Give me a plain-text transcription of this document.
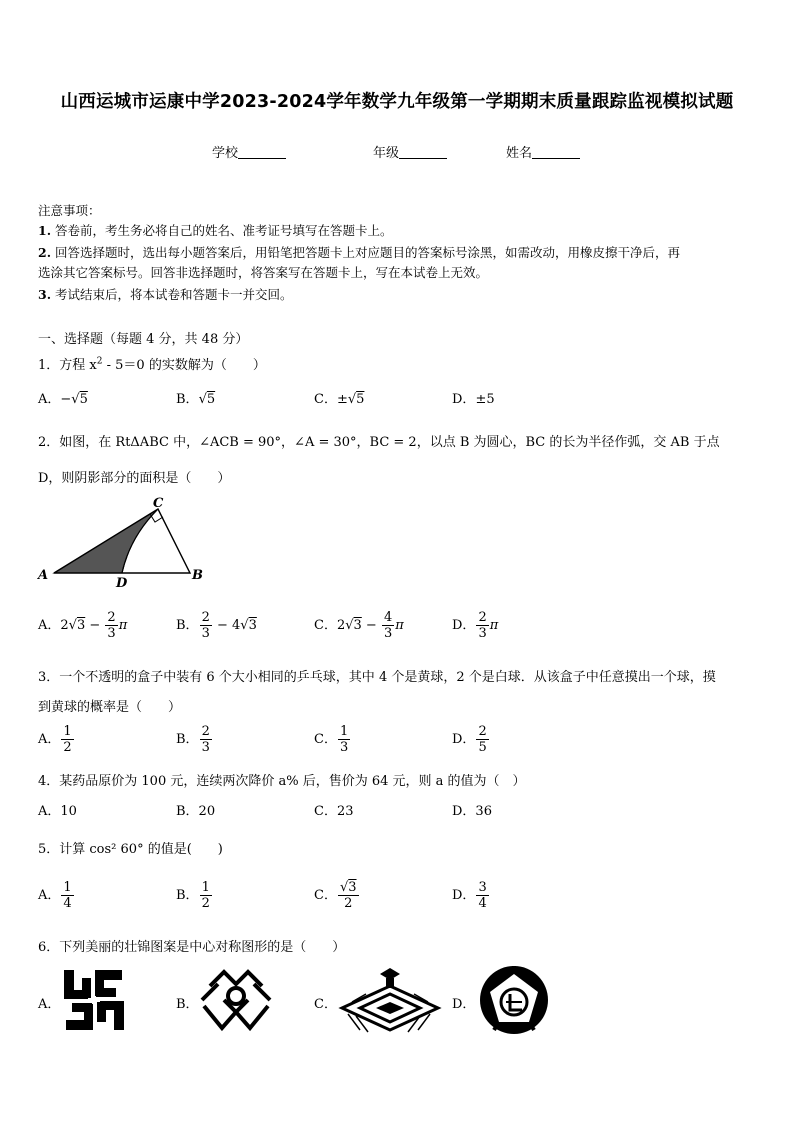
山西运城市运康中学2023-2024学年数学九年级第一学期期末质量跟踪监视模拟试题
学校	年级	姓名
注意事项：
1. 答卷前，考生务必将自己的姓名、准考证号填写在答题卡上。
2. 回答选择题时，选出每小题答案后，用铅笔把答题卡上对应题目的答案标号涂黑，如需改动，用橡皮擦干净后，再
选涂其它答案标号。回答非选择题时，将答案写在答题卡上，写在本试卷上无效。
3. 考试结束后，将本试卷和答题卡一并交回。
一、选择题（每题 4 分，共 48 分）
1．方程 $x^2 - 5=0$ 的实数解为（　　）
A．−√5	B．√5	C．±√5	D．±5
2．如图，在 RtΔABC 中，∠ACB = 90°，∠A = 30°，BC = 2，以点 B 为圆心，BC 的长为半径作弧，交 AB 于点
D，则阴影部分的面积是（　　）
A	B
C
D
A．$2√3 - \frac{2}{3}$ π	B． $\frac{2}{3} - 4√3$	C．$2√3 - \frac{4}{3}$ π	D． $\frac{2}{3}$ π
3．一个不透明的盒子中装有 6 个大小相同的乒乓球，其中 4 个是黄球，2 个是白球．从该盒子中任意摸出一个球，摸
到黄球的概率是（　　）
A． $\frac{1}{2}$	B． $\frac{2}{3}$	C． $\frac{1}{3}$	D． $\frac{2}{5}$
4．某药品原价为 100 元，连续两次降价 a% 后，售价为 64 元，则 a 的值为（　）
A．10	B．20	C．23	D．36
5．计算 cos² 60° 的值是(　　)
A． $\frac{1}{4}$	B． $\frac{1}{2}$	C． $\frac{√3}{2}$	D． $\frac{3}{4}$
6．下列美丽的壮锦图案是中心对称图形的是（　　）
A．	B．	C．	D．
